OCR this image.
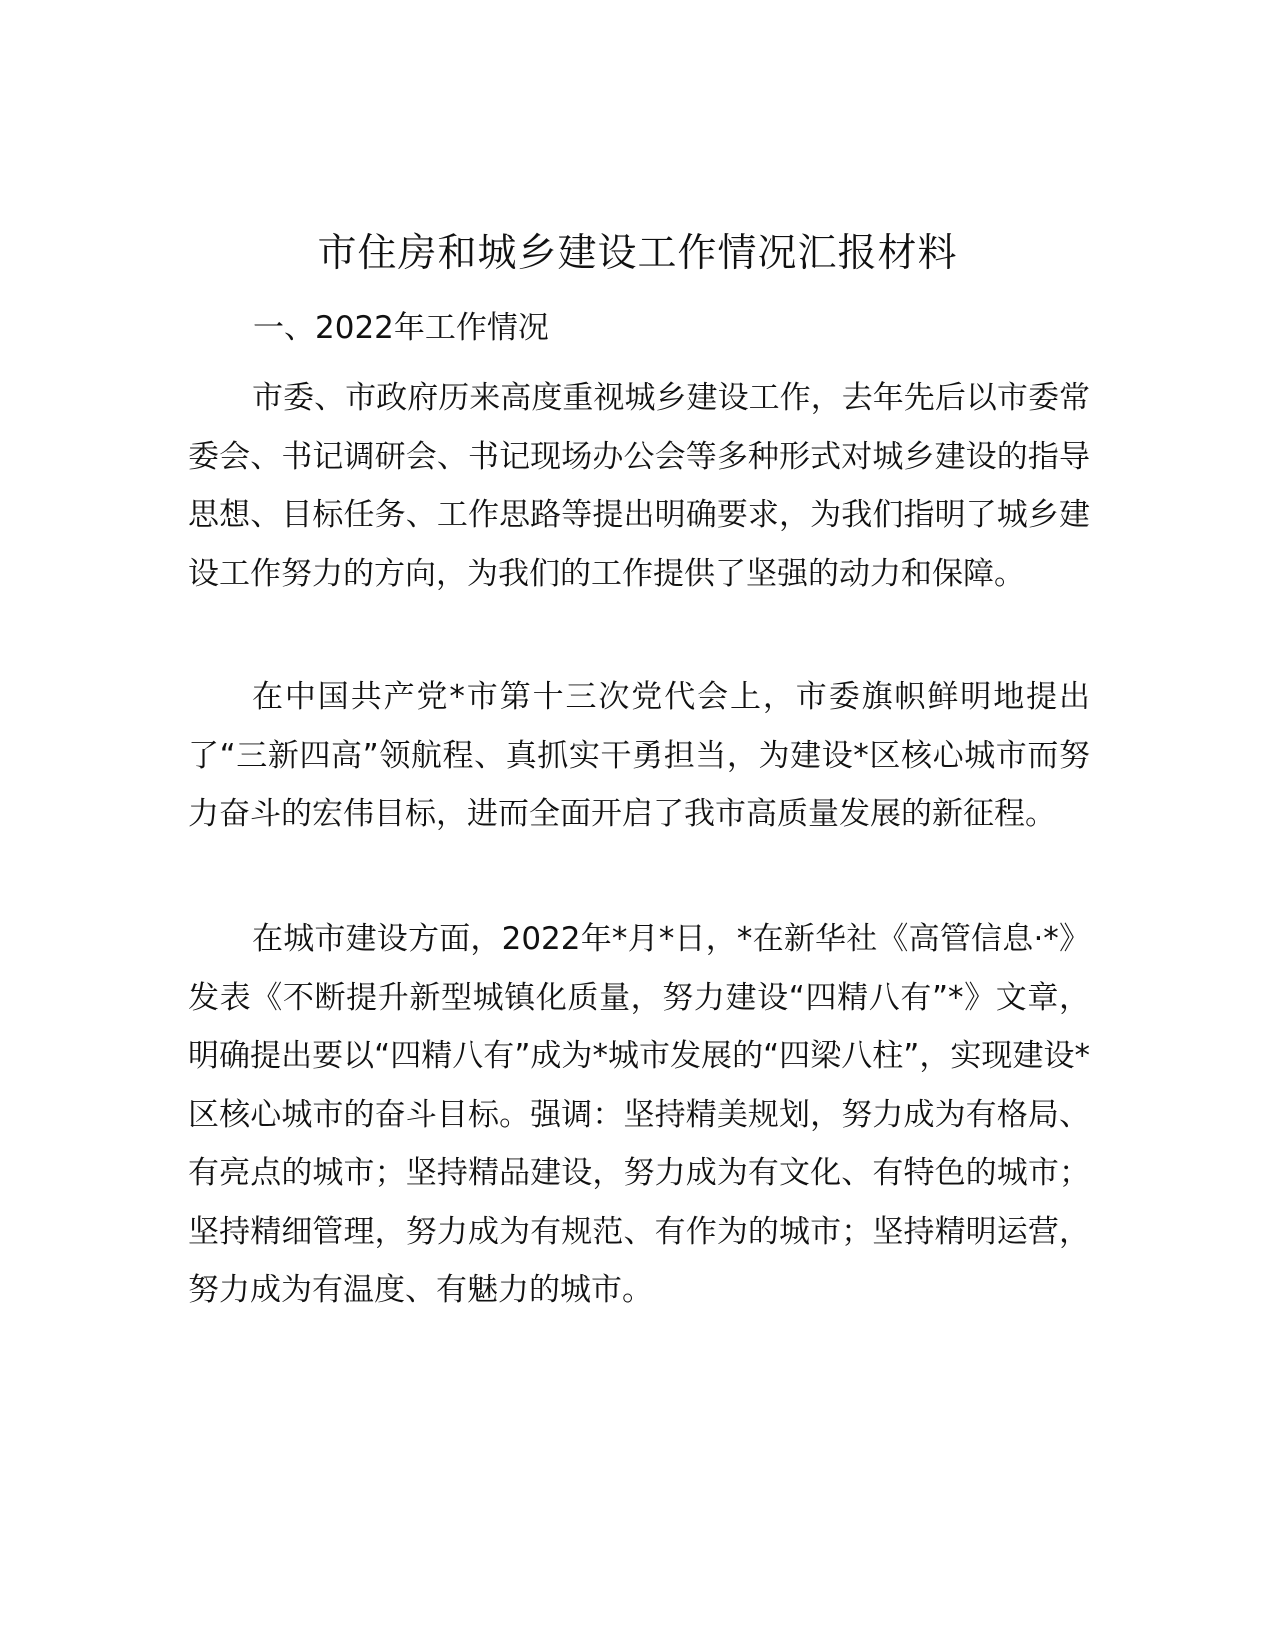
市住房和城乡建设工作情况汇报材料
一、2022年工作情况

市委、市政府历来高度重视城乡建设工作，去年先后以市委常委会、书记调研会、书记现场办公会等多种形式对城乡建设的指导思想、目标任务、工作思路等提出明确要求，为我们指明了城乡建设工作努力的方向，为我们的工作提供了坚强的动力和保障。

在中国共产党*市第十三次党代会上，市委旗帜鲜明地提出了“三新四高”领航程、真抓实干勇担当，为建设*区核心城市而努力奋斗的宏伟目标，进而全面开启了我市高质量发展的新征程。

在城市建设方面，2022年*月*日，*在新华社《高管信息·*》发表《不断提升新型城镇化质量，努力建设“四精八有”*》文章，明确提出要以“四精八有”成为*城市发展的“四梁八柱”，实现建设*区核心城市的奋斗目标。强调：坚持精美规划，努力成为有格局、有亮点的城市；坚持精品建设，努力成为有文化、有特色的城市；坚持精细管理，努力成为有规范、有作为的城市；坚持精明运营，努力成为有温度、有魅力的城市。
